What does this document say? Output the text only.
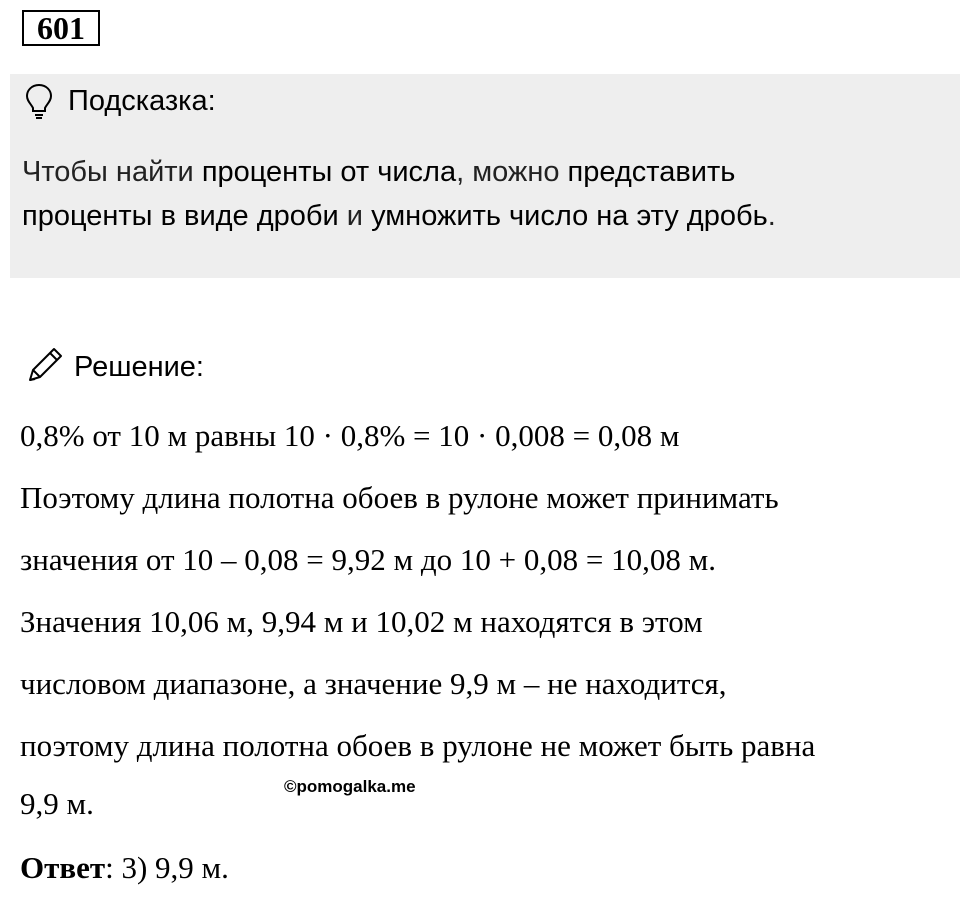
601
Подсказка:
Чтобы найти проценты от числа, можно представить
проценты в виде дроби и умножить число на эту дробь.
Решение:
0,8% от 10 м равны 10 · 0,8% = 10 · 0,008 = 0,08 м
Поэтому длина полотна обоев в рулоне может принимать
значения от 10 – 0,08 = 9,92 м до 10 + 0,08 = 10,08 м.
Значения 10,06 м, 9,94 м и 10,02 м находятся в этом
числовом диапазоне, а значение 9,9 м – не находится,
поэтому длина полотна обоев в рулоне не может быть равна
9,9 м.	©pomogalka.me
Ответ: 3) 9,9 м.
